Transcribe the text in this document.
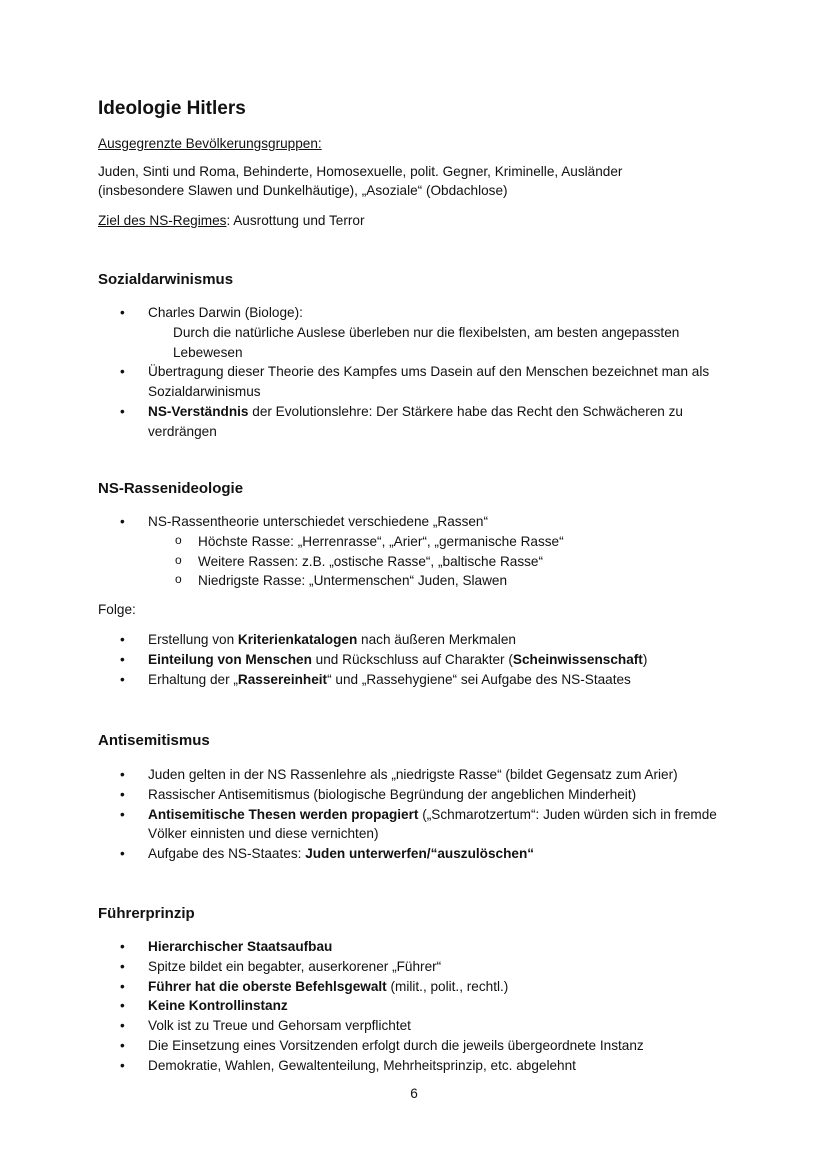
Ideologie Hitlers
Ausgegrenzte Bevölkerungsgruppen:
Juden, Sinti und Roma, Behinderte, Homosexuelle, polit. Gegner, Kriminelle, Ausländer
(insbesondere Slawen und Dunkelhäutige), „Asoziale“ (Obdachlose)
Ziel des NS-Regimes: Ausrottung und Terror
Sozialdarwinismus
• Charles Darwin (Biologe):
Durch die natürliche Auslese überleben nur die flexibelsten, am besten angepassten Lebewesen
• Übertragung dieser Theorie des Kampfes ums Dasein auf den Menschen bezeichnet man als Sozialdarwinismus
• NS-Verständnis der Evolutionslehre: Der Stärkere habe das Recht den Schwächeren zu verdrängen
NS-Rassenideologie
• NS-Rassentheorie unterschiedet verschiedene „Rassen“
o Höchste Rasse: „Herrenrasse“, „Arier“, „germanische Rasse“
o Weitere Rassen: z.B. „ostische Rasse“, „baltische Rasse“
o Niedrigste Rasse: „Untermenschen“ Juden, Slawen
Folge:
• Erstellung von Kriterienkatalogen nach äußeren Merkmalen
• Einteilung von Menschen und Rückschluss auf Charakter (Scheinwissenschaft)
• Erhaltung der „Rassereinheit“ und „Rassehygiene“ sei Aufgabe des NS-Staates
Antisemitismus
• Juden gelten in der NS Rassenlehre als „niedrigste Rasse“ (bildet Gegensatz zum Arier)
• Rassischer Antisemitismus (biologische Begründung der angeblichen Minderheit)
• Antisemitische Thesen werden propagiert („Schmarotzertum“: Juden würden sich in fremde Völker einnisten und diese vernichten)
• Aufgabe des NS-Staates: Juden unterwerfen/“auszulöschen“
Führerprinzip
• Hierarchischer Staatsaufbau
• Spitze bildet ein begabter, auserkorener „Führer“
• Führer hat die oberste Befehlsgewalt (milit., polit., rechtl.)
• Keine Kontrollinstanz
• Volk ist zu Treue und Gehorsam verpflichtet
• Die Einsetzung eines Vorsitzenden erfolgt durch die jeweils übergeordnete Instanz
• Demokratie, Wahlen, Gewaltenteilung, Mehrheitsprinzip, etc. abgelehnt
6
